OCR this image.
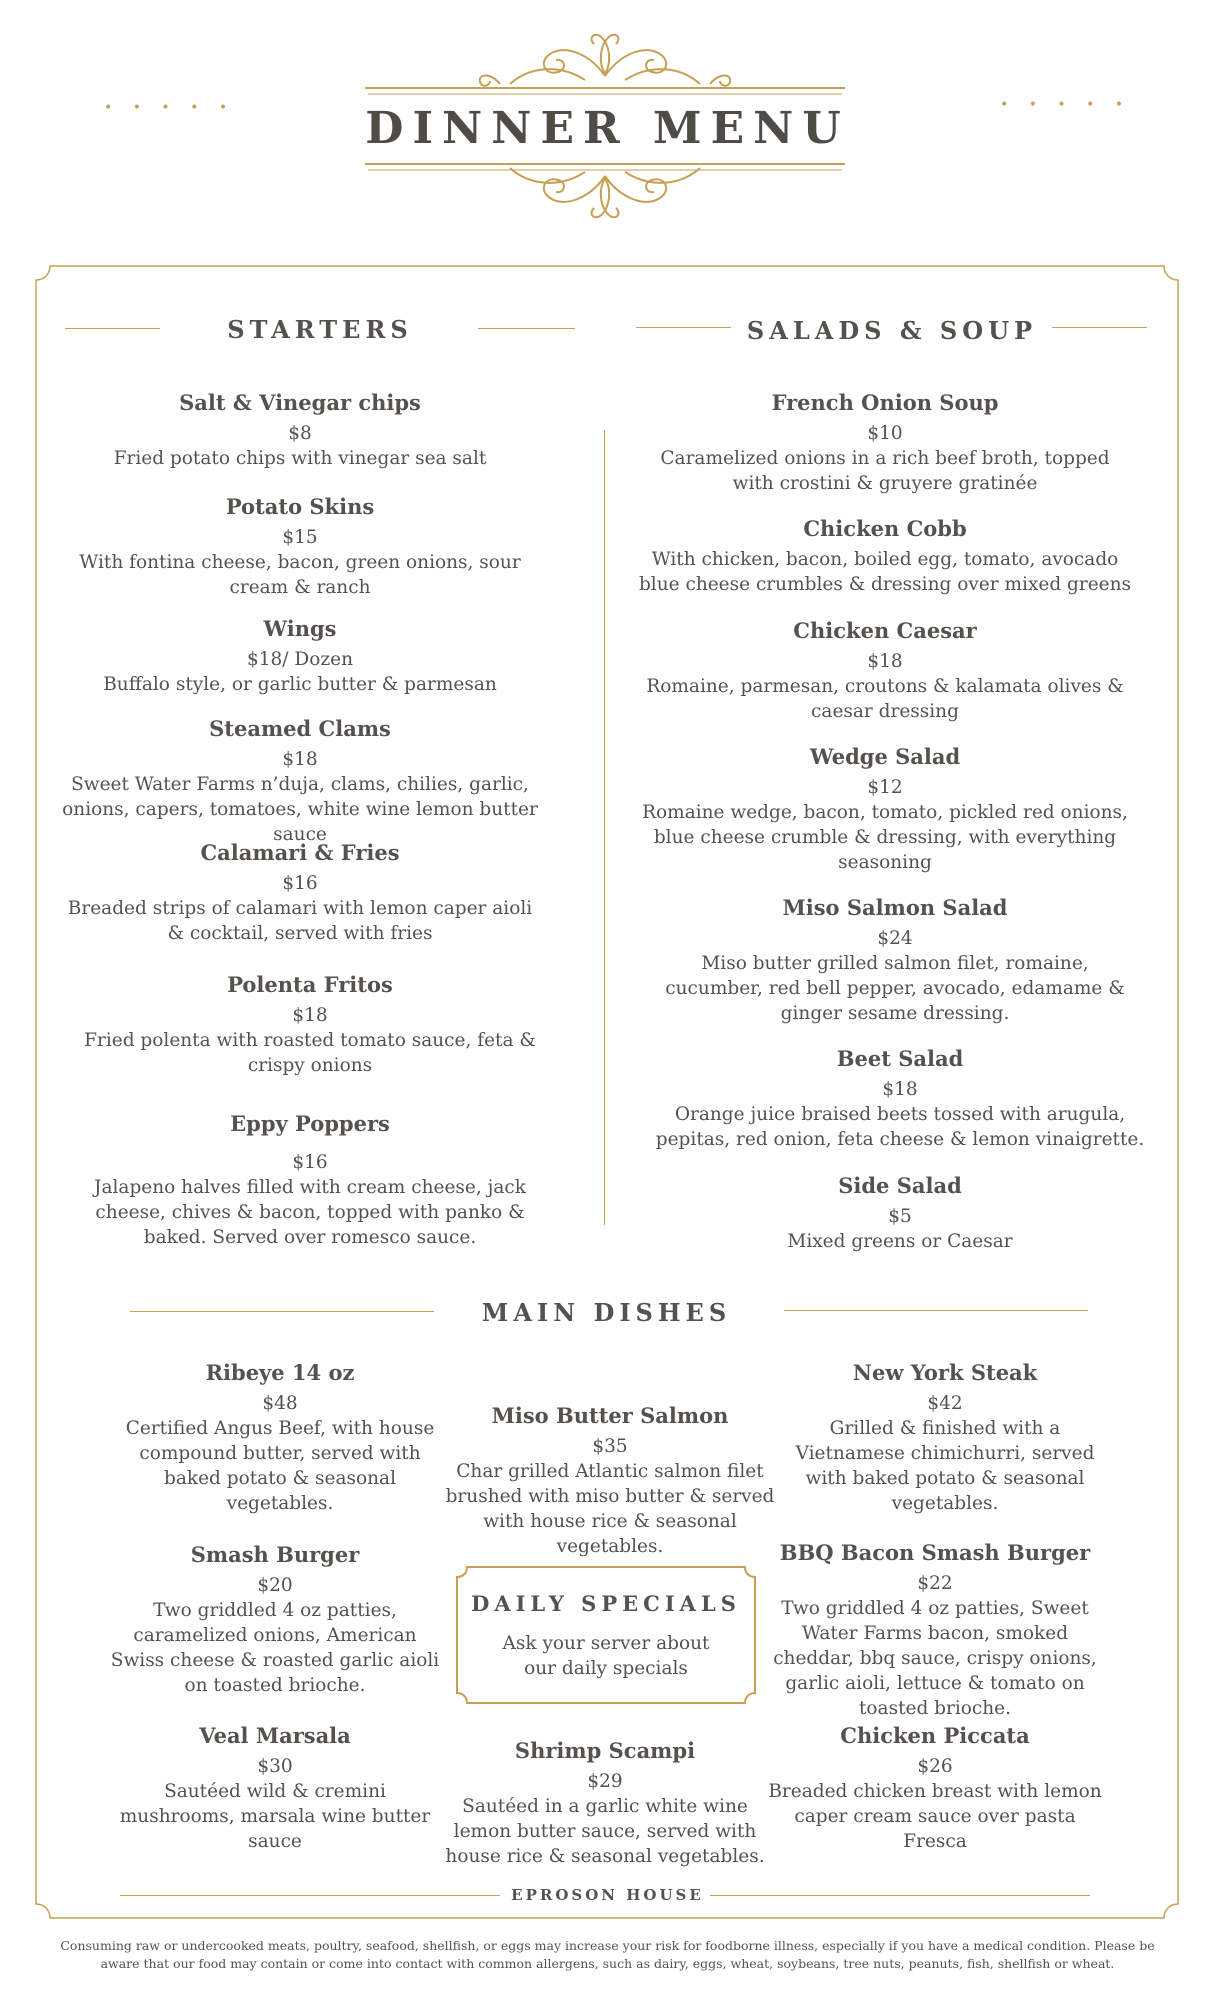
• • • • •	• • • • •
DINNER MENU
STARTERS	SALADS & SOUP
MAIN DISHES
Salt & Vinegar chips
$8
Fried potato chips with vinegar sea salt
Potato Skins
$15
With fontina cheese, bacon, green onions, sour cream & ranch
Wings
$18/ Dozen
Buffalo style, or garlic butter & parmesan
Steamed Clams
$18
Sweet Water Farms n’duja, clams, chilies, garlic, onions, capers, tomatoes, white wine lemon butter sauce
Calamari & Fries
$16
Breaded strips of calamari with lemon caper aioli & cocktail, served with fries
Polenta Fritos
$18
Fried polenta with roasted tomato sauce, feta & crispy onions
Eppy Poppers
$16
Jalapeno halves filled with cream cheese, jack cheese, chives & bacon, topped with panko & baked. Served over romesco sauce.
French Onion Soup
$10
Caramelized onions in a rich beef broth, topped with crostini & gruyere gratinée
Chicken Cobb
With chicken, bacon, boiled egg, tomato, avocado blue cheese crumbles & dressing over mixed greens
Chicken Caesar
$18
Romaine, parmesan, croutons & kalamata olives & caesar dressing
Wedge Salad
$12
Romaine wedge, bacon, tomato, pickled red onions, blue cheese crumble & dressing, with everything seasoning
Miso Salmon Salad
$24
Miso butter grilled salmon filet, romaine, cucumber, red bell pepper, avocado, edamame & ginger sesame dressing.
Beet Salad
$18
Orange juice braised beets tossed with arugula, pepitas, red onion, feta cheese & lemon vinaigrette.
Side Salad
$5
Mixed greens or Caesar
Ribeye 14 oz
$48
Certified Angus Beef, with house compound butter, served with baked potato & seasonal vegetables.
Miso Butter Salmon
$35
Char grilled Atlantic salmon filet brushed with miso butter & served with house rice & seasonal vegetables.
New York Steak
$42
Grilled & finished with a Vietnamese chimichurri, served with baked potato & seasonal vegetables.
Smash Burger
$20
Two griddled 4 oz patties, caramelized onions, American Swiss cheese & roasted garlic aioli on toasted brioche.
BBQ Bacon Smash Burger
$22
Two griddled 4 oz patties, Sweet Water Farms bacon, smoked cheddar, bbq sauce, crispy onions, garlic aioli, lettuce & tomato on toasted brioche.
Veal Marsala
$30
Sautéed wild & cremini mushrooms, marsala wine butter sauce
Shrimp Scampi
$29
Sautéed in a garlic white wine lemon butter sauce, served with house rice & seasonal vegetables.
Chicken Piccata
$26
Breaded chicken breast with lemon caper cream sauce over pasta Fresca
DAILY SPECIALS
Ask your server about our daily specials
EPROSON HOUSE
Consuming raw or undercooked meats, poultry, seafood, shellfish, or eggs may increase your risk for foodborne illness, especially if you have a medical condition. Please be aware that our food may contain or come into contact with common allergens, such as dairy, eggs, wheat, soybeans, tree nuts, peanuts, fish, shellfish or wheat.
